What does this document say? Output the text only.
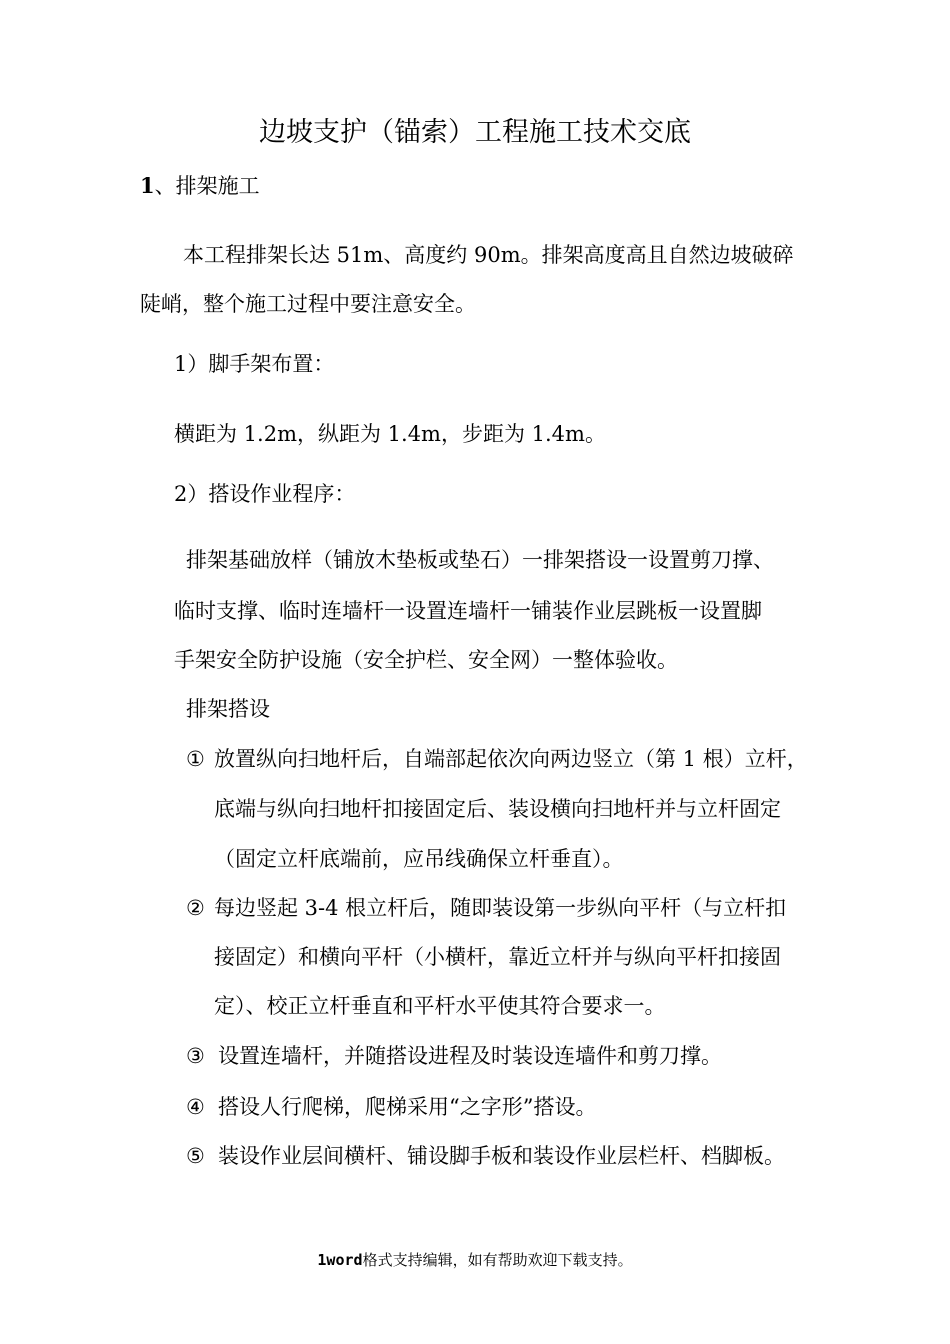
边坡支护（锚索）工程施工技术交底
1、排架施工
本工程排架长达 51m、高度约 90m。排架高度高且自然边坡破碎
陡峭，整个施工过程中要注意安全。
1）脚手架布置：
横距为 1.2m，纵距为 1.4m，步距为 1.4m。
2）搭设作业程序：
排架基础放样（铺放木垫板或垫石）一排架搭设一设置剪刀撑、
临时支撑、临时连墙杆一设置连墙杆一铺装作业层跳板一设置脚
手架安全防护设施（安全护栏、安全网）一整体验收。
排架搭设
① 放置纵向扫地杆后，自端部起依次向两边竖立（第 1 根）立杆，
底端与纵向扫地杆扣接固定后、装设横向扫地杆并与立杆固定
（固定立杆底端前，应吊线确保立杆垂直）。
② 每边竖起 3-4 根立杆后，随即装设第一步纵向平杆（与立杆扣
接固定）和横向平杆（小横杆，靠近立杆并与纵向平杆扣接固
定）、校正立杆垂直和平杆水平使其符合要求一。
③ 设置连墙杆，并随搭设进程及时装设连墙件和剪刀撑。
④ 搭设人行爬梯，爬梯采用“之字形”搭设。
⑤ 装设作业层间横杆、铺设脚手板和装设作业层栏杆、档脚板。
1word格式支持编辑，如有帮助欢迎下载支持。
